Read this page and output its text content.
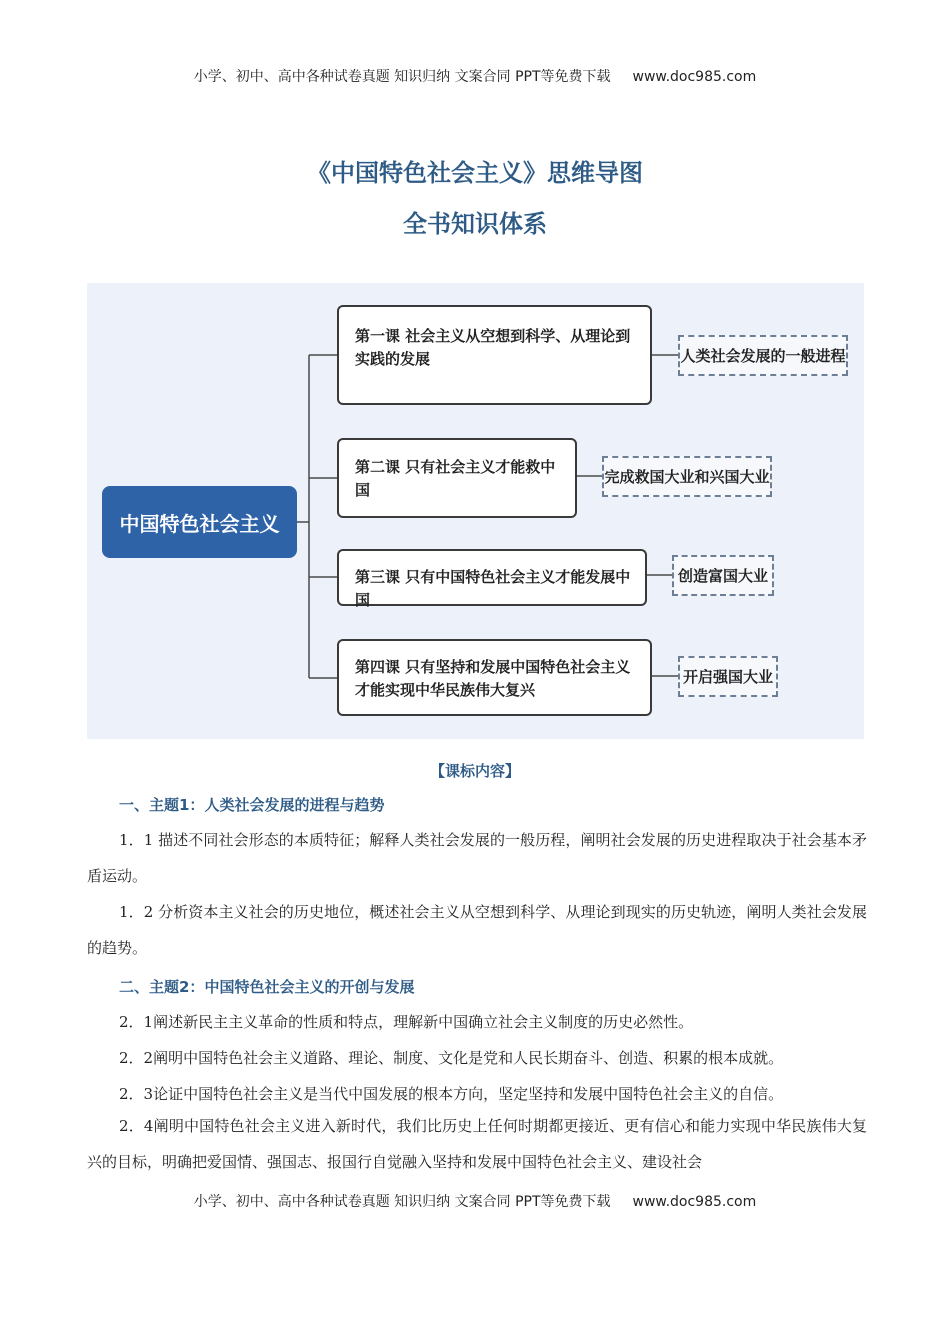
小学、初中、高中各种试卷真题 知识归纳 文案合同 PPT等免费下载 www.doc985.com
《中国特色社会主义》思维导图
全书知识体系
中国特色社会主义
第一课 社会主义从空想到科学、从理论到实践的发展
第二课 只有社会主义才能救中国
第三课 只有中国特色社会主义才能发展中国
第四课 只有坚持和发展中国特色社会主义才能实现中华民族伟大复兴
人类社会发展的一般进程
完成救国大业和兴国大业
创造富国大业
开启强国大业
【课标内容】
一、主题1：人类社会发展的进程与趋势
1．1 描述不同社会形态的本质特征；解释人类社会发展的一般历程，阐明社会发展的历史进程取决于社会基本矛盾运动。
1．2 分析资本主义社会的历史地位，概述社会主义从空想到科学、从理论到现实的历史轨迹，阐明人类社会发展的趋势。
二、主题2：中国特色社会主义的开创与发展
2．1阐述新民主主义革命的性质和特点，理解新中国确立社会主义制度的历史必然性。
2．2阐明中国特色社会主义道路、理论、制度、文化是党和人民长期奋斗、创造、积累的根本成就。
2．3论证中国特色社会主义是当代中国发展的根本方向，坚定坚持和发展中国特色社会主义的自信。
2．4阐明中国特色社会主义进入新时代，我们比历史上任何时期都更接近、更有信心和能力实现中华民族伟大复兴的目标，明确把爱国情、强国志、报国行自觉融入坚持和发展中国特色社会主义、建设社会
小学、初中、高中各种试卷真题 知识归纳 文案合同 PPT等免费下载 www.doc985.com
